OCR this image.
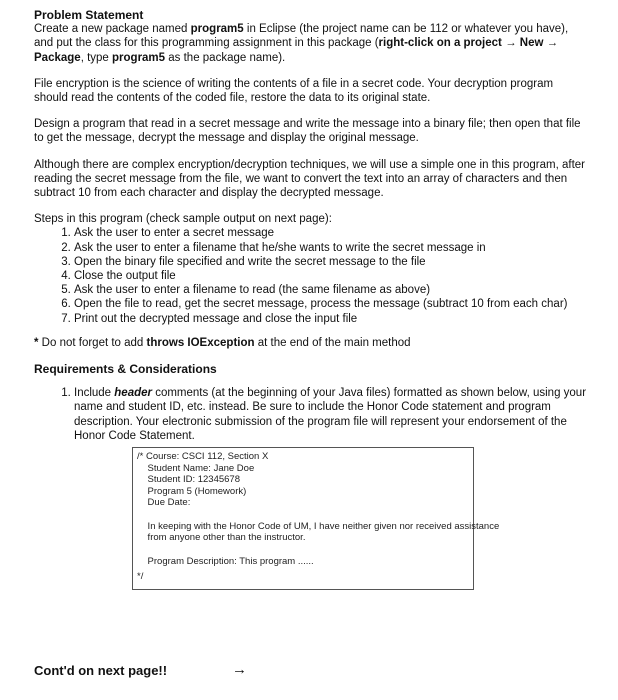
Problem Statement

Create a new package named program5 in Eclipse (the project name can be 112 or whatever you have), and put the class for this programming assignment in this package (right-click on a project → New → Package, type program5 as the package name).

File encryption is the science of writing the contents of a file in a secret code. Your decryption program should read the contents of the coded file, restore the data to its original state.

Design a program that read in a secret message and write the message into a binary file; then open that file to get the message, decrypt the message and display the original message.

Although there are complex encryption/decryption techniques, we will use a simple one in this program, after reading the secret message from the file, we want to convert the text into an array of characters and then subtract 10 from each character and display the decrypted message.

Steps in this program (check sample output on next page):

1. Ask the user to enter a secret message
2. Ask the user to enter a filename that he/she wants to write the secret message in
3. Open the binary file specified and write the secret message to the file
4. Close the output file
5. Ask the user to enter a filename to read (the same filename as above)
6. Open the file to read, get the secret message, process the message (subtract 10 from each char)
7. Print out the decrypted message and close the input file

* Do not forget to add throws IOException at the end of the main method

Requirements & Considerations

1. Include header comments (at the beginning of your Java files) formatted as shown below, using your name and student ID, etc. instead. Be sure to include the Honor Code statement and program description. Your electronic submission of the program file will represent your endorsement of the Honor Code Statement.
/* Course: CSCI 112, Section X
Student Name: Jane Doe
Student ID: 12345678
Program 5 (Homework)
Due Date:
In keeping with the Honor Code of UM, I have neither given nor received assistance
from anyone other than the instructor.
Program Description: This program ......
*/
Cont'd on next page!!	→
